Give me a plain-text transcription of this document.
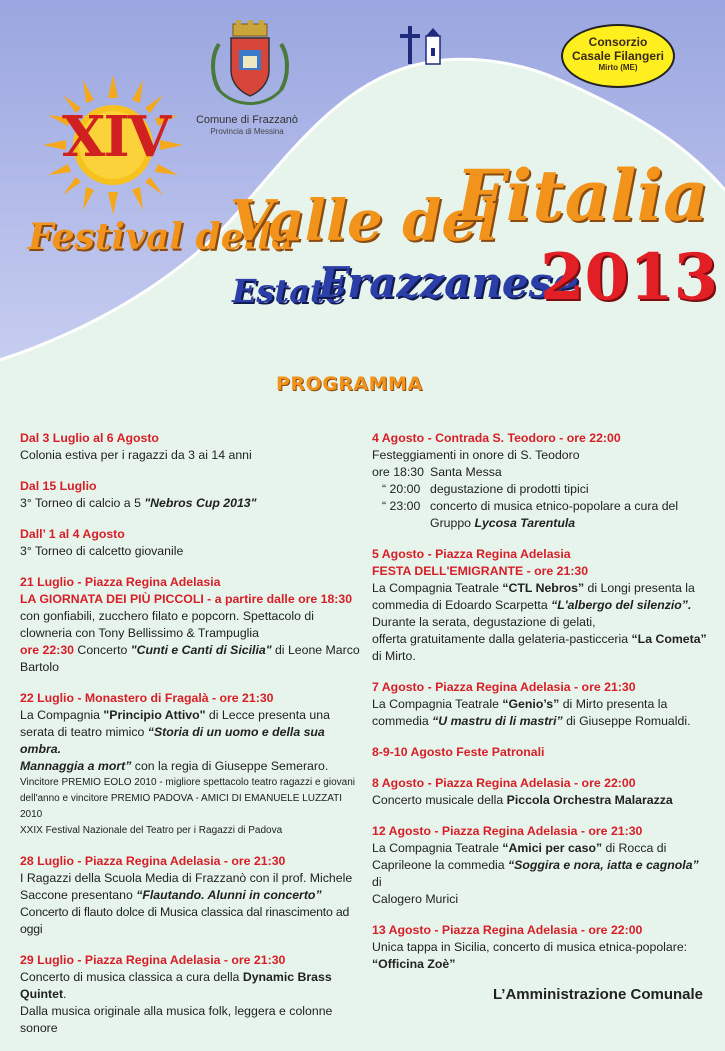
XIV	Comune di Frazzanò
Provincia di Messina
Consorzio
Casale Filangeri
Mirto (ME)
Festival della
Valle del
Fitalia
Estate
Frazzanese
2013
PROGRAMMA
Dal 3 Luglio al 6 Agosto
Colonia estiva per i ragazzi da 3 ai 14 anni
Dal 15 Luglio
3° Torneo di calcio a 5 "Nebros Cup 2013"
Dall’ 1 al 4 Agosto
3° Torneo di calcetto giovanile
21 Luglio - Piazza Regina Adelasia
LA GIORNATA DEI PIÙ PICCOLI - a partire dalle ore 18:30
con gonfiabili, zucchero filato e popcorn. Spettacolo di
clowneria con Tony Bellissimo & Trampuglia
ore 22:30 Concerto "Cunti e Canti di Sicilia" di Leone Marco
Bartolo
22 Luglio - Monastero di Fragalà - ore 21:30
La Compagnia "Principio Attivo" di Lecce presenta una
serata di teatro mimico “Storia di un uomo e della sua ombra.
Mannaggia a mort” con la regia di Giuseppe Semeraro.
Vincitore PREMIO EOLO 2010 - migliore spettacolo teatro ragazzi e giovani
dell'anno e vincitore PREMIO PADOVA - AMICI DI EMANUELE LUZZATI 2010
XXIX Festival Nazionale del Teatro per i Ragazzi di Padova
28 Luglio - Piazza Regina Adelasia - ore 21:30
I Ragazzi della Scuola Media di Frazzanò con il prof. Michele
Saccone presentano “Flautando. Alunni in concerto”
Concerto di flauto dolce di Musica classica dal rinascimento ad oggi
29 Luglio - Piazza Regina Adelasia - ore 21:30
Concerto di musica classica a cura della Dynamic Brass
Quintet.
Dalla musica originale alla musica folk, leggera e colonne sonore
4 Agosto - Contrada S. Teodoro - ore 22:00
Festeggiamenti in onore di S. Teodoro
ore 18:30 Santa Messa
“ 20:00 degustazione di prodotti tipici
“ 23:00 concerto di musica etnico-popolare a cura del
Gruppo Lycosa Tarentula
5 Agosto - Piazza Regina Adelasia
FESTA DELL'EMIGRANTE - ore 21:30
La Compagnia Teatrale “CTL Nebros” di Longi presenta la
commedia di Edoardo Scarpetta “L'albergo del silenzio”.
Durante la serata, degustazione di gelati,
offerta gratuitamente dalla gelateria-pasticceria “La Cometa”
di Mirto.
7 Agosto - Piazza Regina Adelasia - ore 21:30
La Compagnia Teatrale “Genio’s” di Mirto presenta la
commedia “U mastru di li mastri” di Giuseppe Romualdi.
8-9-10 Agosto Feste Patronali
8 Agosto - Piazza Regina Adelasia - ore 22:00
Concerto musicale della Piccola Orchestra Malarazza
12 Agosto - Piazza Regina Adelasia - ore 21:30
La Compagnia Teatrale “Amici per caso” di Rocca di
Caprileone la commedia “Soggira e nora, iatta e cagnola” di
Calogero Murici
13 Agosto - Piazza Regina Adelasia - ore 22:00
Unica tappa in Sicilia, concerto di musica etnica-popolare:
“Officina Zoè”
L’Amministrazione Comunale
